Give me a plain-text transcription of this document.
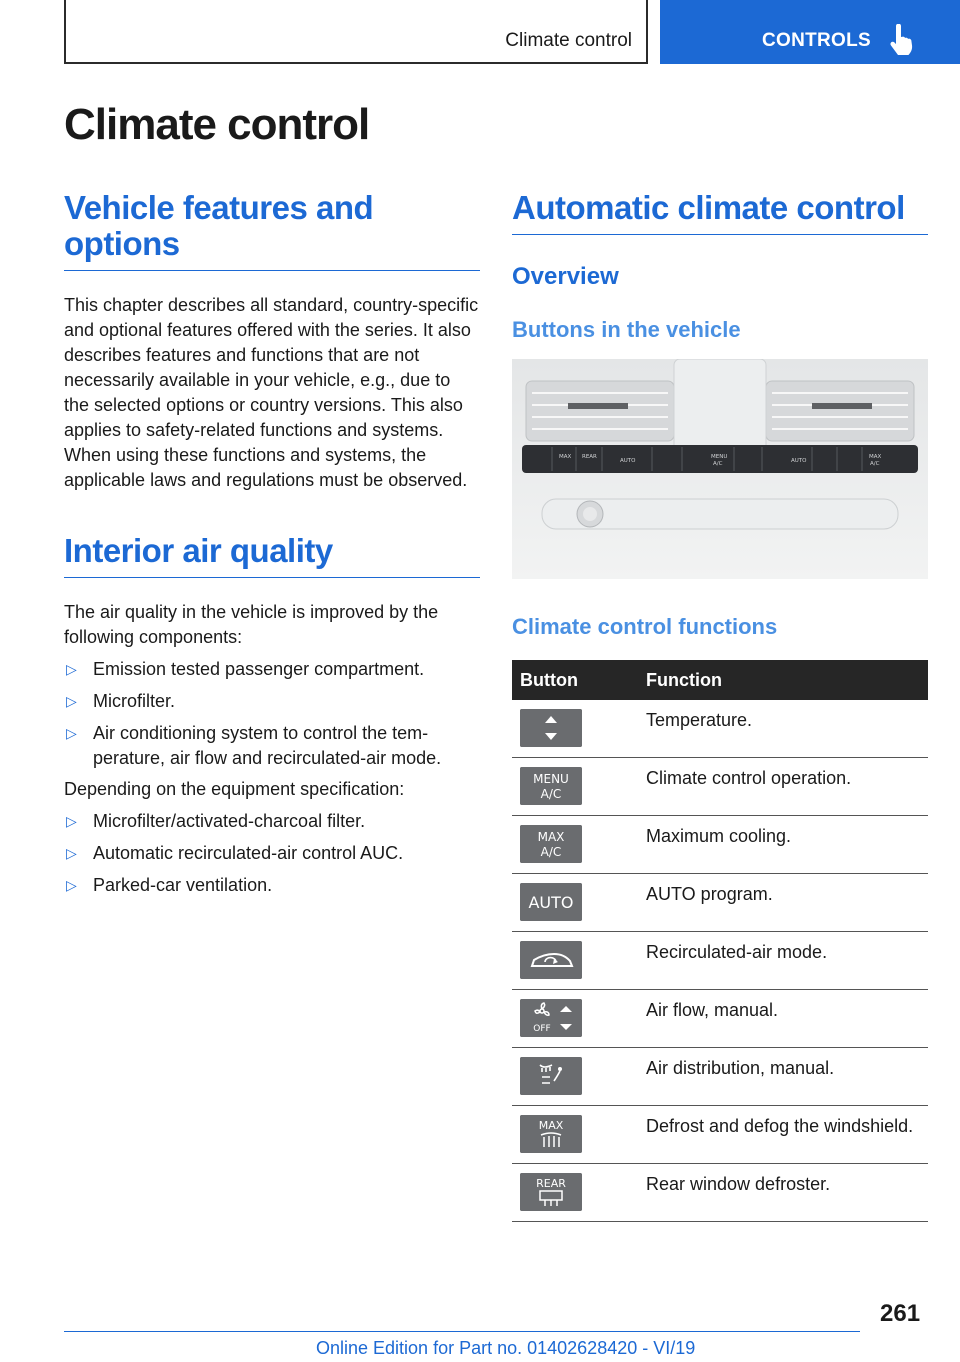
Climate control	CONTROLS
Climate control
Vehicle features and options

This chapter describes all standard, country-specific and optional features offered with the series. It also describes features and functions that are not necessarily available in your vehicle, e.g., due to the selected options or country versions. This also applies to safety-related functions and systems. When using these functions and systems, the applicable laws and regulations must be observed.

Interior air quality

The air quality in the vehicle is improved by the following components:

▷ Emission tested passenger compartment.
▷ Microfilter.
▷ Air conditioning system to control the temperature, air flow and recirculated-air mode.

Depending on the equipment specification:

▷ Microfilter/activated-charcoal filter.
▷ Automatic recirculated-air control AUC.
▷ Parked-car ventilation.
Automatic climate control
Overview
Buttons in the vehicle
AUTO
MENU
A/C	AUTO
MAX
A/C
MAX REAR
Climate control functions
Button	Function

	Temperature.

MENU
A/C	Climate control operation.

MAX
A/C	Maximum cooling.

AUTO	AUTO program.

	Recirculated-air mode.

OFF	Air flow, manual.

	Air distribution, manual.

MAX	Defrost and defog the windshield.

REAR	Rear window defroster.
261
Online Edition for Part no. 01402628420 - VI/19
